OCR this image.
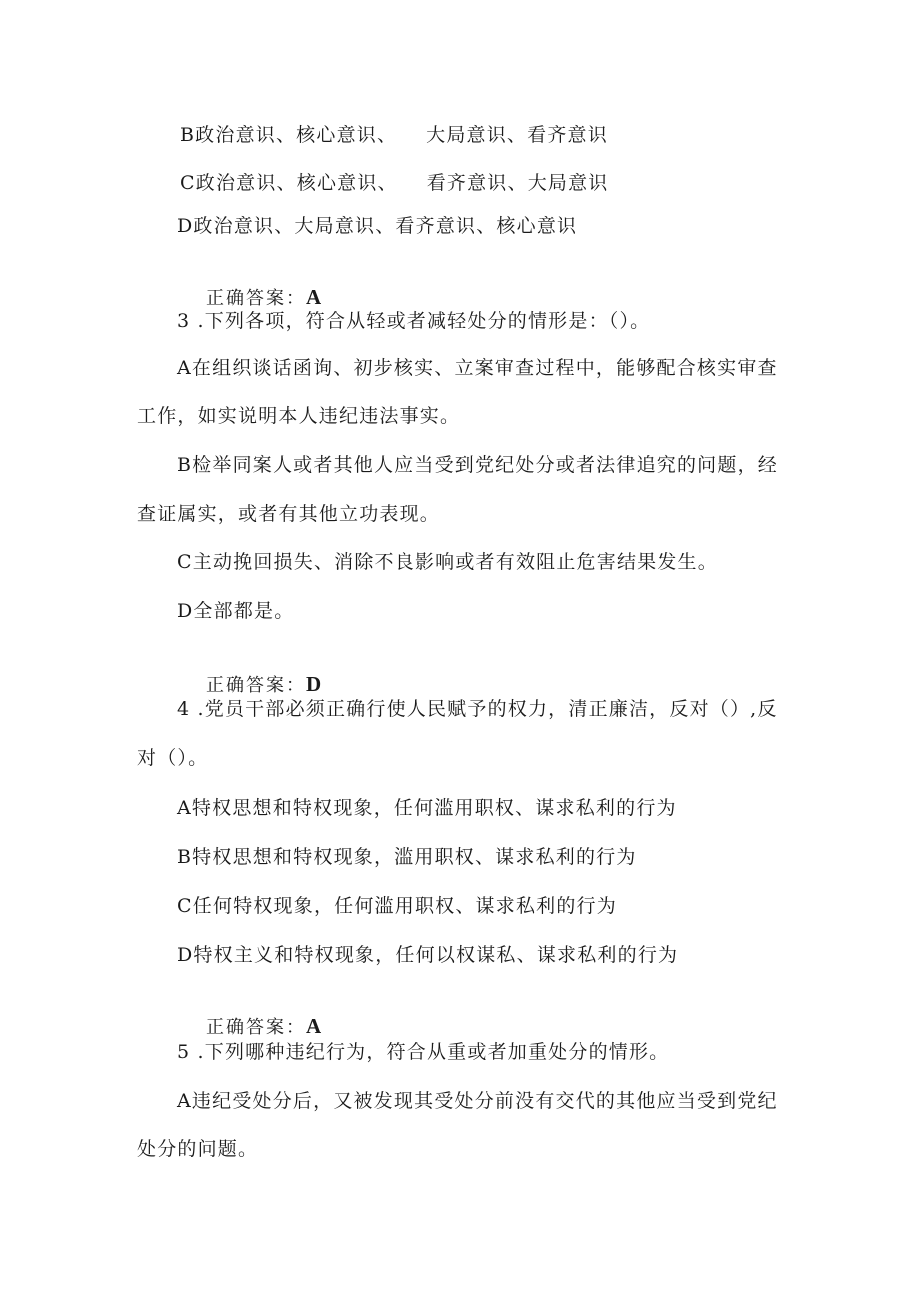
B政治意识、核心意识、    大局意识、看齐意识
C政治意识、核心意识、    看齐意识、大局意识
D政治意识、大局意识、看齐意识、核心意识

正确答案：A

3 .下列各项，符合从轻或者减轻处分的情形是：（）。
A在组织谈话函询、初步核实、立案审查过程中，能够配合核实审查
工作，如实说明本人违纪违法事实。
B检举同案人或者其他人应当受到党纪处分或者法律追究的问题，经
查证属实，或者有其他立功表现。
C主动挽回损失、消除不良影响或者有效阻止危害结果发生。
D全部都是。

正确答案：D

4 .党员干部必须正确行使人民赋予的权力，清正廉洁，反对（）,反
对（）。
A特权思想和特权现象，任何滥用职权、谋求私利的行为
B特权思想和特权现象，滥用职权、谋求私利的行为
C任何特权现象，任何滥用职权、谋求私利的行为
D特权主义和特权现象，任何以权谋私、谋求私利的行为

正确答案：A

5 .下列哪种违纪行为，符合从重或者加重处分的情形。
A违纪受处分后，又被发现其受处分前没有交代的其他应当受到党纪
处分的问题。
